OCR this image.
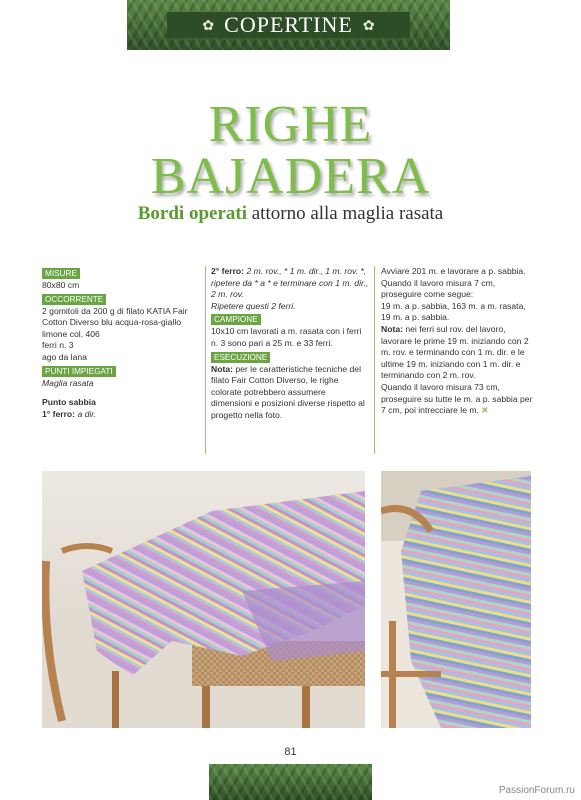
✿ COPERTINE ✿
RIGHE
BAJADERA
Bordi operati attorno alla maglia rasata
MISURE
80x80 cm
OCCORRENTE
2 gomitoli da 200 g di filato KATIA Fair Cotton Diverso blu acqua-rosa-giallo limone col. 406
ferri n. 3
ago da lana
PUNTI IMPIEGATI
Maglia rasata

Punto sabbia
1° ferro: a dir.
2° ferro: 2 m. rov., * 1 m. dir., 1 m. rov. *, ripetere da * a * e terminare con 1 m. dir., 2 m. rov.
Ripetere questi 2 ferri.
CAMPIONE
10x10 cm lavorati a m. rasata con i ferri n. 3 sono pari a 25 m. e 33 ferri.
ESECUZIONE
Nota: per le caratteristiche tecniche del filato Fair Cotton Diverso, le righe colorate potrebbero assumere dimensioni e posizioni diverse rispetto al progetto nella foto.
Avviare 201 m. e lavorare a p. sabbia.
Quando il lavoro misura 7 cm, proseguire come segue:
19 m. a p. sabbia, 163 m. a m. rasata, 19 m. a p. sabbia.
Nota: nei ferri sul rov. del lavoro, lavorare le prime 19 m. iniziando con 2 m. rov. e terminando con 1 m. dir. e le ultime 19 m. iniziando con 1 m. dir. e terminando con 2 m. rov.
Quando il lavoro misura 73 cm, proseguire su tutte le m. a p. sabbia per 7 cm, poi intrecciare le m. ✕
81
PassionForum.ru
